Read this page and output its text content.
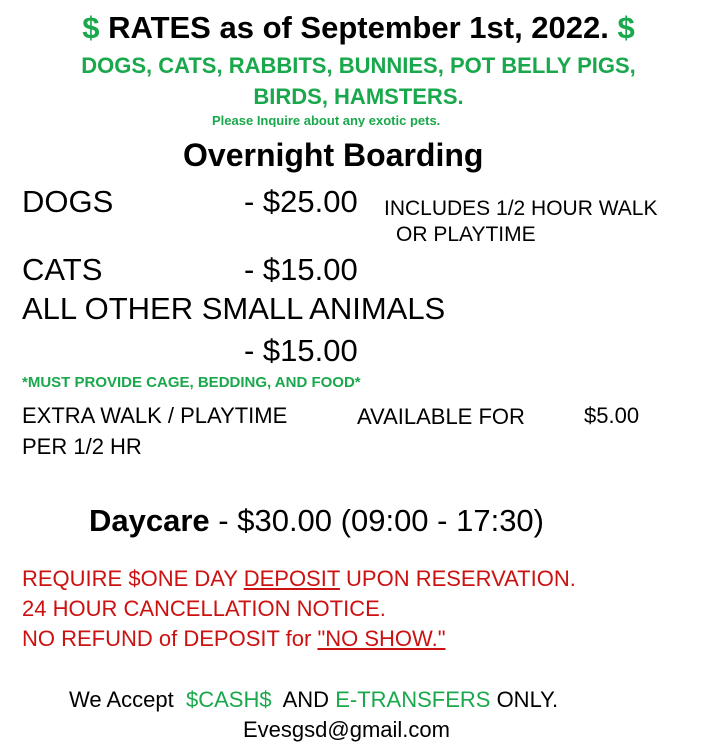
$ RATES as of September 1st, 2022. $
DOGS, CATS, RABBITS, BUNNIES, POT BELLY PIGS,
BIRDS, HAMSTERS.
Please Inquire about any exotic pets.
Overnight Boarding
DOGS	- $25.00 INCLUDES 1/2 HOUR WALK
OR PLAYTIME
CATS	- $15.00
ALL OTHER SMALL ANIMALS
- $15.00
*MUST PROVIDE CAGE, BEDDING, AND FOOD*
EXTRA WALK / PLAYTIME	AVAILABLE FOR	$5.00
PER 1/2 HR
Daycare - $30.00 (09:00 - 17:30)
REQUIRE $ONE DAY DEPOSIT UPON RESERVATION.
24 HOUR CANCELLATION NOTICE.
NO REFUND of DEPOSIT for "NO SHOW."
We Accept $CASH$ AND E-TRANSFERS ONLY.
Evesgsd@gmail.com
